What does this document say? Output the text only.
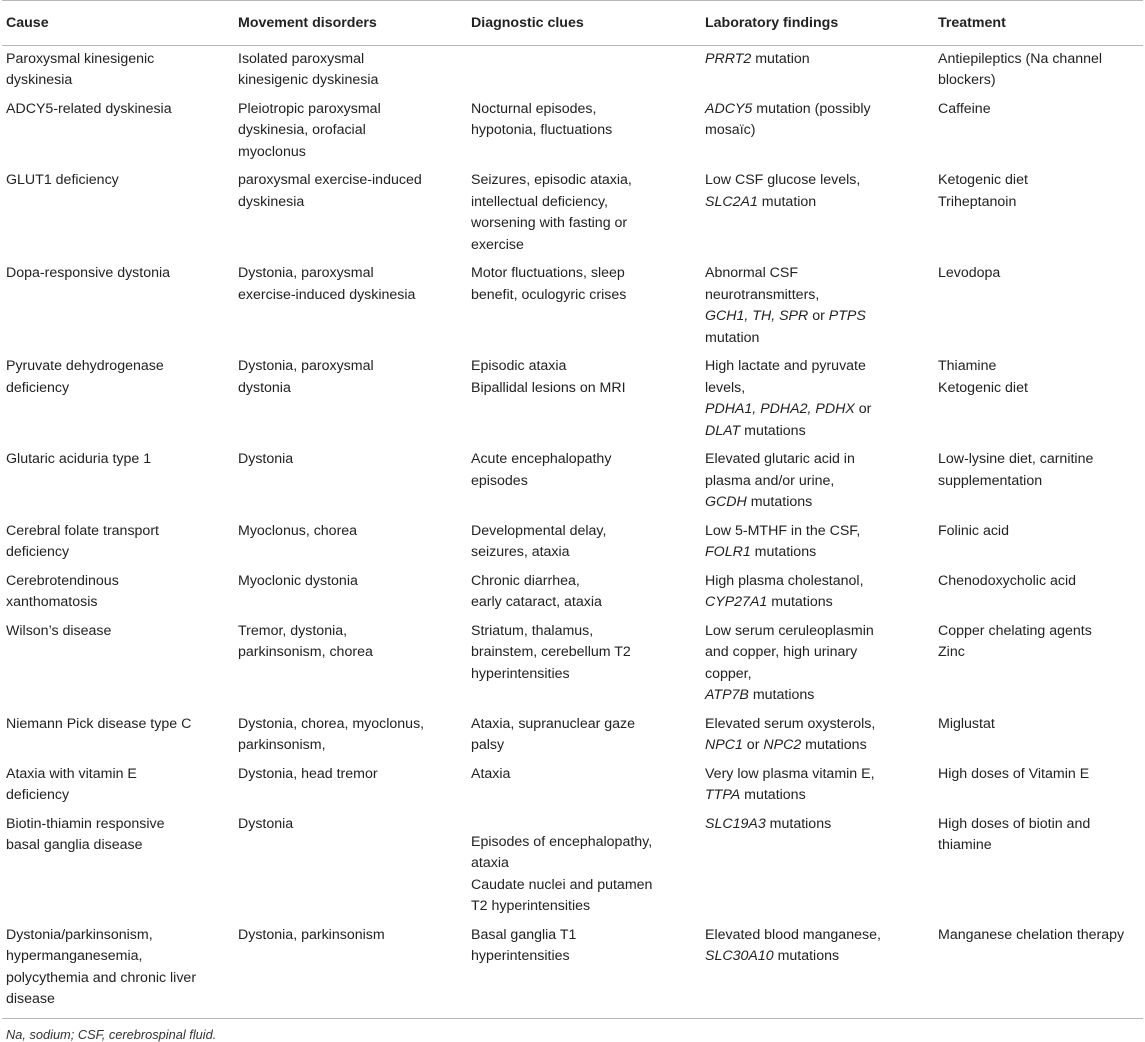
Cause	Movement disorders	Diagnostic clues	Laboratory findings	Treatment

Paroxysmal kinesigenic
dyskinesia	Isolated paroxysmal
kinesigenic dyskinesia		PRRT2 mutation	Antiepileptics (Na channel
blockers)

ADCY5-related dyskinesia	Pleiotropic paroxysmal
dyskinesia, orofacial
myoclonus	Nocturnal episodes,
hypotonia, fluctuations	ADCY5 mutation (possibly
mosaïc)	Caffeine

GLUT1 deficiency	paroxysmal exercise-induced
dyskinesia	Seizures, episodic ataxia,
intellectual deficiency,
worsening with fasting or
exercise	Low CSF glucose levels,
SLC2A1 mutation	Ketogenic diet
Triheptanoin

Dopa-responsive dystonia	Dystonia, paroxysmal
exercise-induced dyskinesia	Motor fluctuations, sleep
benefit, oculogyric crises	Abnormal CSF
neurotransmitters,
GCH1, TH, SPR or PTPS
mutation	Levodopa

Pyruvate dehydrogenase
deficiency	Dystonia, paroxysmal
dystonia	Episodic ataxia
Bipallidal lesions on MRI	High lactate and pyruvate
levels,
PDHA1, PDHA2, PDHX or
DLAT mutations	Thiamine
Ketogenic diet

Glutaric aciduria type 1	Dystonia	Acute encephalopathy
episodes	Elevated glutaric acid in
plasma and/or urine,
GCDH mutations	Low-lysine diet, carnitine
supplementation

Cerebral folate transport
deficiency	Myoclonus, chorea	Developmental delay,
seizures, ataxia	Low 5-MTHF in the CSF,
FOLR1 mutations	Folinic acid

Cerebrotendinous
xanthomatosis	Myoclonic dystonia	Chronic diarrhea,
early cataract, ataxia	High plasma cholestanol,
CYP27A1 mutations	Chenodoxycholic acid

Wilson’s disease	Tremor, dystonia,
parkinsonism, chorea	Striatum, thalamus,
brainstem, cerebellum T2
hyperintensities	Low serum ceruleoplasmin
and copper, high urinary
copper,
ATP7B mutations	Copper chelating agents
Zinc

Niemann Pick disease type C	Dystonia, chorea, myoclonus,
parkinsonism,	Ataxia, supranuclear gaze
palsy	Elevated serum oxysterols,
NPC1 or NPC2 mutations	Miglustat

Ataxia with vitamin E
deficiency	Dystonia, head tremor	Ataxia	Very low plasma vitamin E,
TTPA mutations	High doses of Vitamin E

Biotin-thiamin responsive
basal ganglia disease	Dystonia	Episodes of encephalopathy,
ataxia
Caudate nuclei and putamen
T2 hyperintensities	SLC19A3 mutations	High doses of biotin and
thiamine

Dystonia/parkinsonism,
hypermanganesemia,
polycythemia and chronic liver
disease	Dystonia, parkinsonism	Basal ganglia T1
hyperintensities	Elevated blood manganese,
SLC30A10 mutations	Manganese chelation therapy
Na, sodium; CSF, cerebrospinal fluid.
